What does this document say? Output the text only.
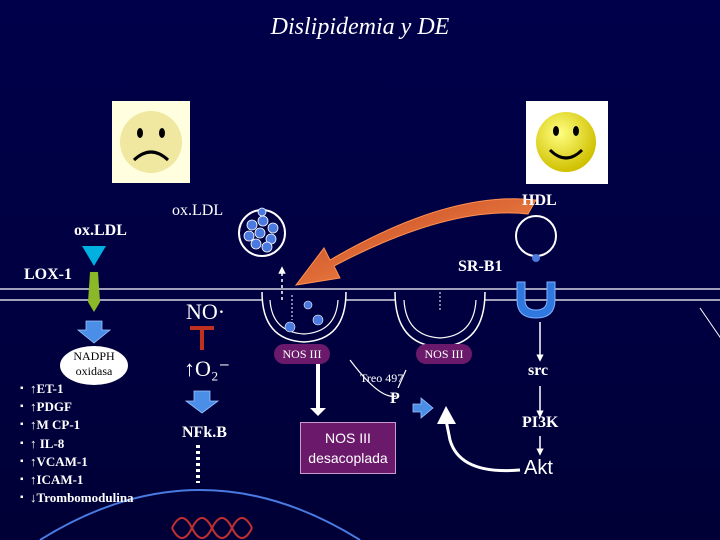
Dislipidemia y DE
ox.LDL
ox.LDL
HDL
LOX-1	SR-B1
NO·
↑O₂⁻
NFk.B
NADPH oxidasa
▪ ↑ET-1
▪ ↑PDGF
▪ ↑M CP-1
▪ ↑ IL-8
▪ ↑VCAM-1
▪ ↑ICAM-1
▪ ↓Trombomodulina
NOS III	NOS III
Treo 497
P
NOS III desacoplada
src
PI3K
Akt
